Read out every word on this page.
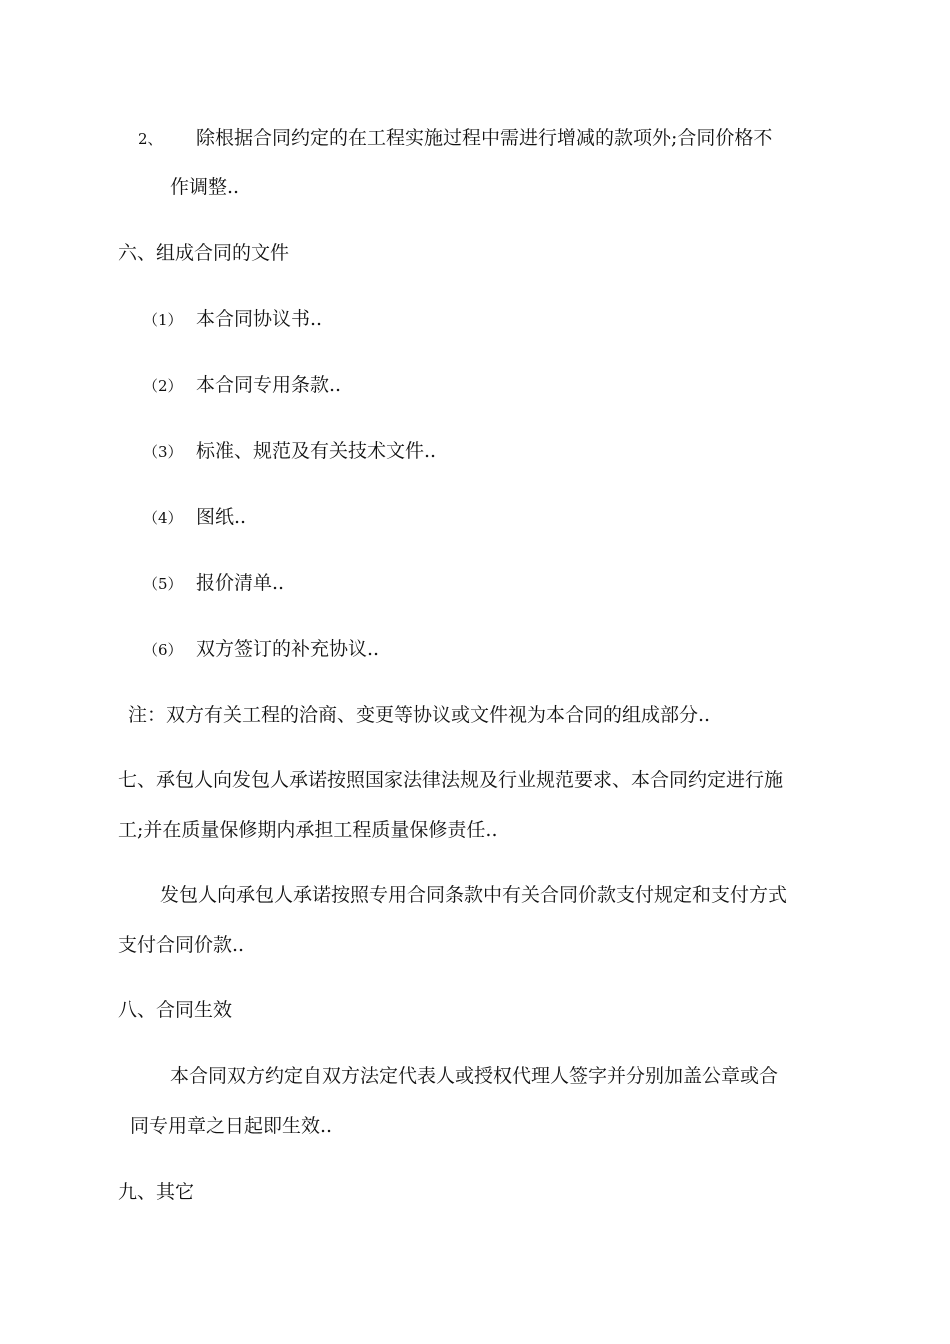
2、 除根据合同约定的在工程实施过程中需进行增减的款项外;合同价格不
作调整..
六、组成合同的文件
（1） 本合同协议书..
（2） 本合同专用条款..
（3） 标准、规范及有关技术文件..
（4） 图纸..
（5） 报价清单..
（6） 双方签订的补充协议..
注：双方有关工程的洽商、变更等协议或文件视为本合同的组成部分..
七、承包人向发包人承诺按照国家法律法规及行业规范要求、本合同约定进行施
工;并在质量保修期内承担工程质量保修责任..
发包人向承包人承诺按照专用合同条款中有关合同价款支付规定和支付方式
支付合同价款..
八、合同生效
本合同双方约定自双方法定代表人或授权代理人签字并分别加盖公章或合
同专用章之日起即生效..
九、其它
